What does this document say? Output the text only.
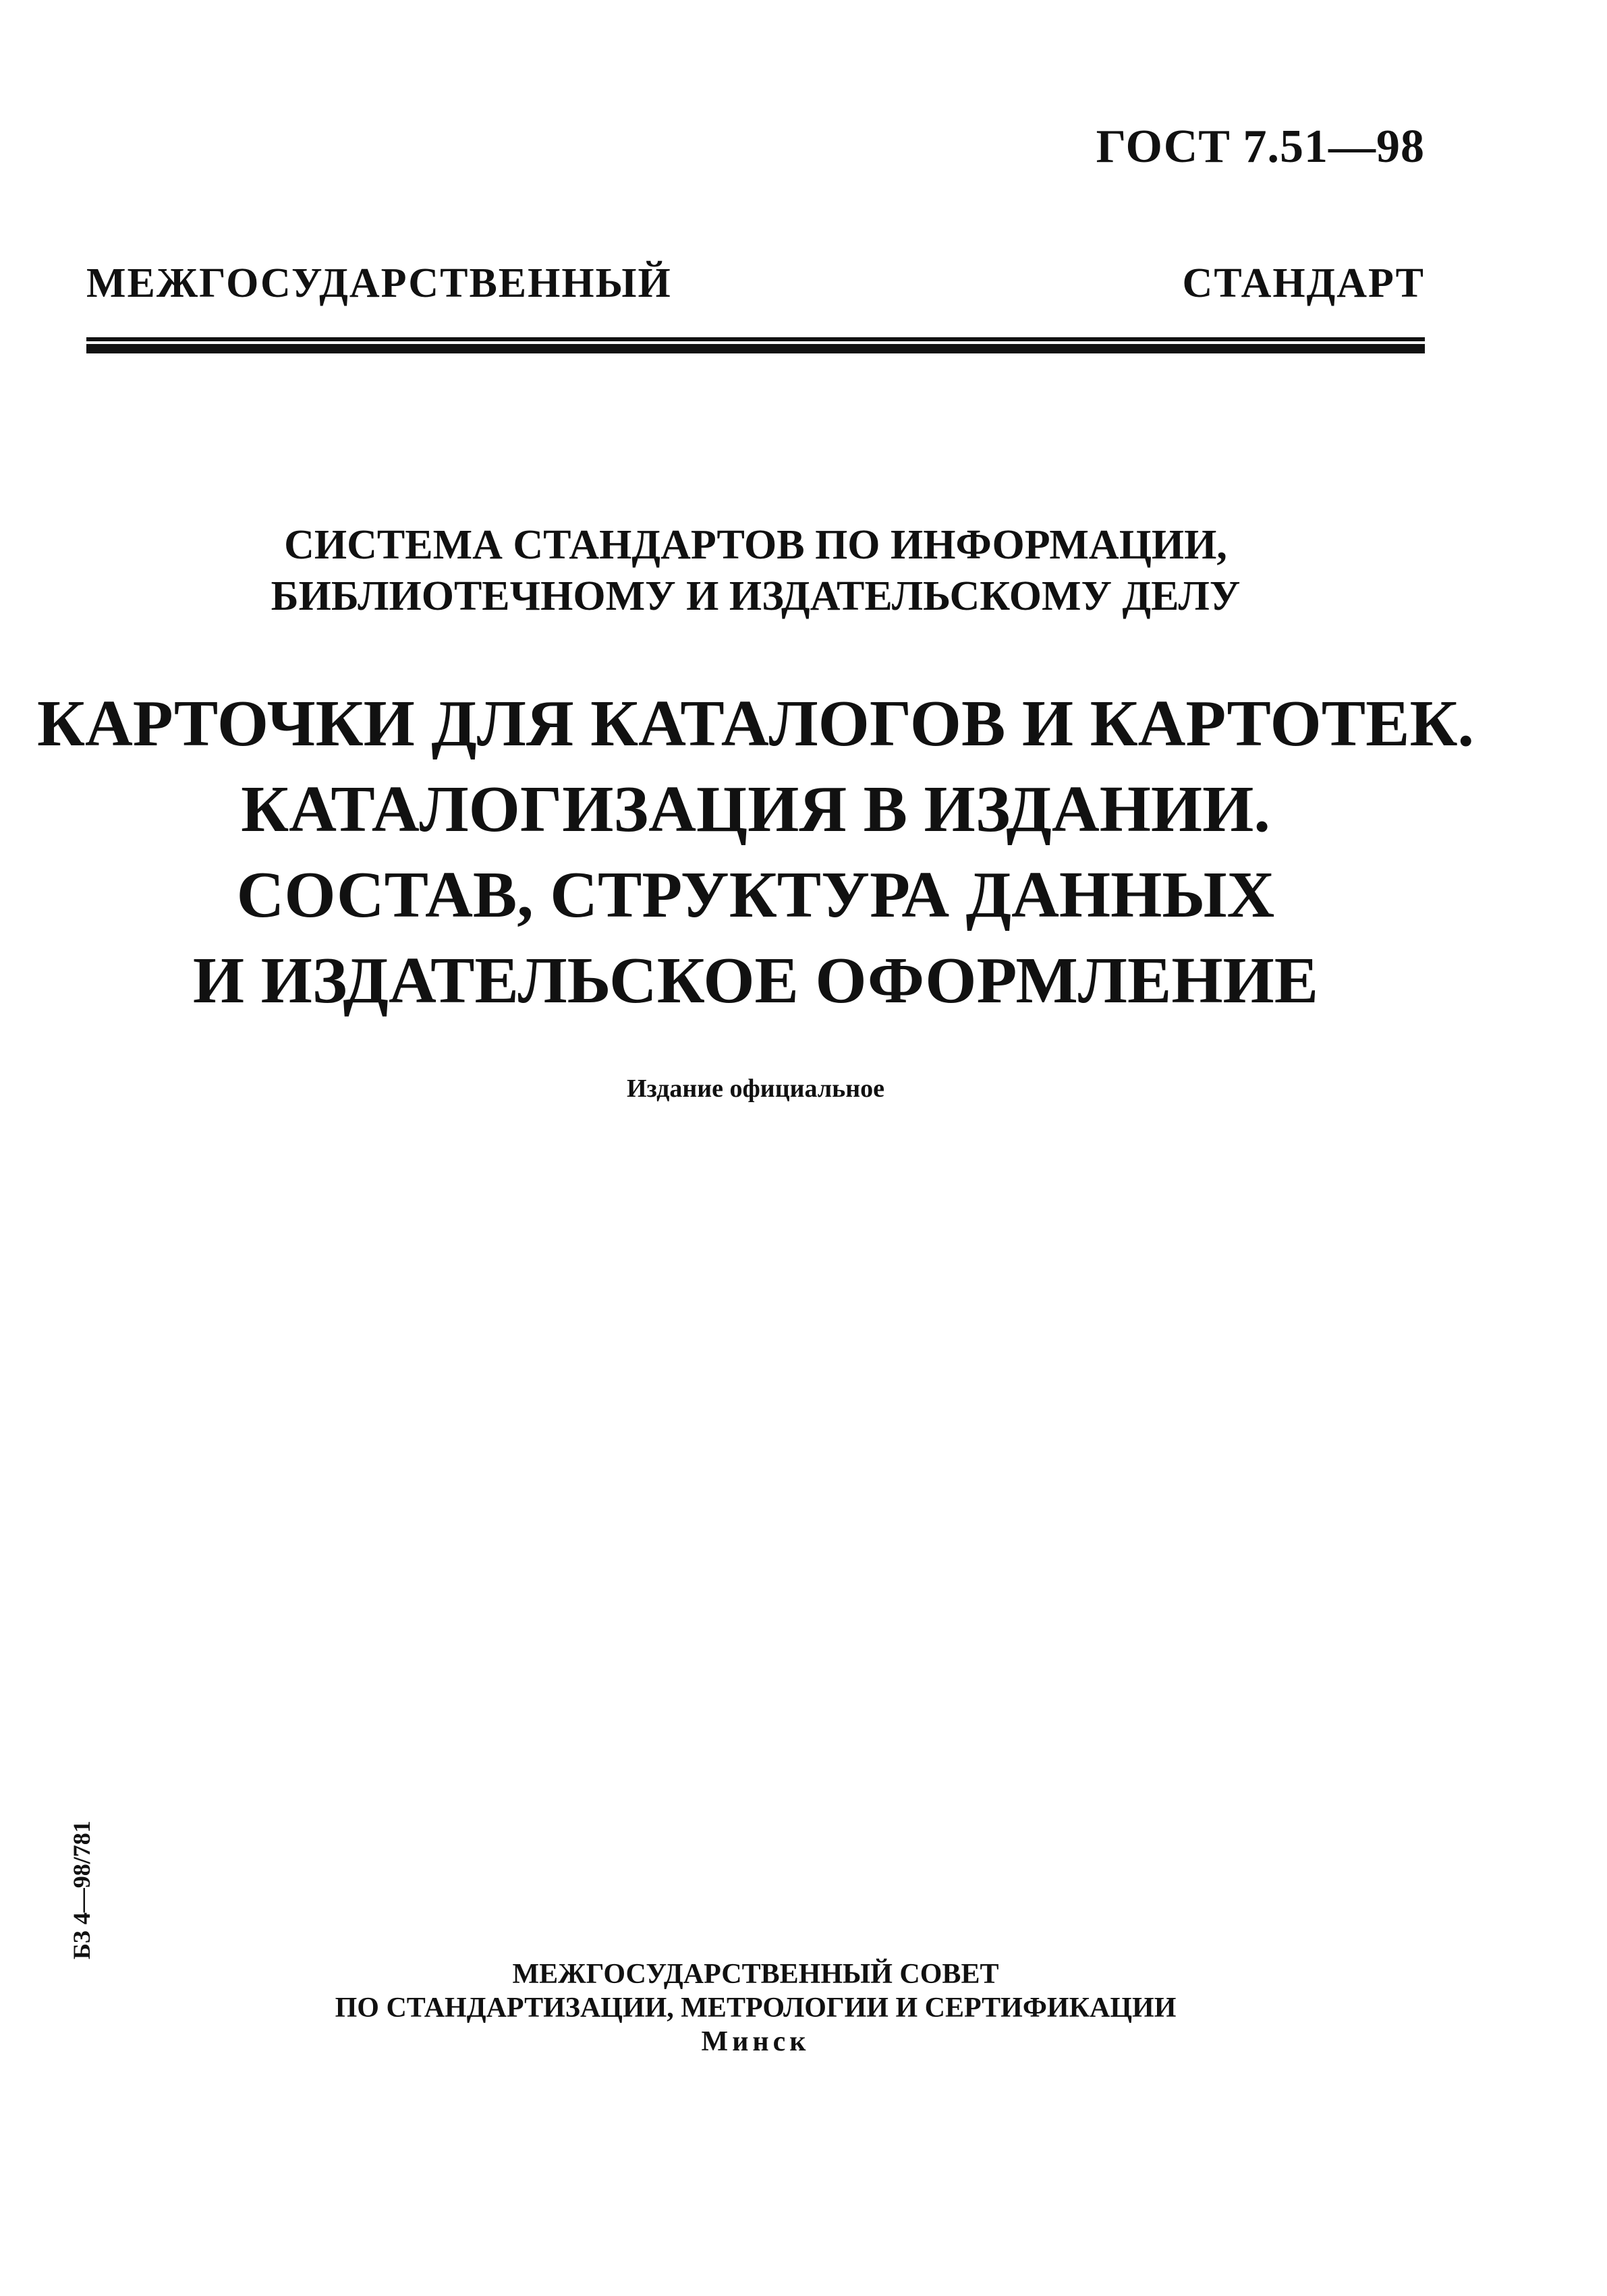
ГОСТ 7.51—98
МЕЖГОСУДАРСТВЕННЫЙ СТАНДАРТ
СИСТЕМА СТАНДАРТОВ ПО ИНФОРМАЦИИ,
БИБЛИОТЕЧНОМУ И ИЗДАТЕЛЬСКОМУ ДЕЛУ
КАРТОЧКИ ДЛЯ КАТАЛОГОВ И КАРТОТЕК.
КАТАЛОГИЗАЦИЯ В ИЗДАНИИ.
СОСТАВ, СТРУКТУРА ДАННЫХ
И ИЗДАТЕЛЬСКОЕ ОФОРМЛЕНИЕ
Издание официальное
БЗ 4—98/781
МЕЖГОСУДАРСТВЕННЫЙ СОВЕТ
ПО СТАНДАРТИЗАЦИИ, МЕТРОЛОГИИ И СЕРТИФИКАЦИИ
Минск
